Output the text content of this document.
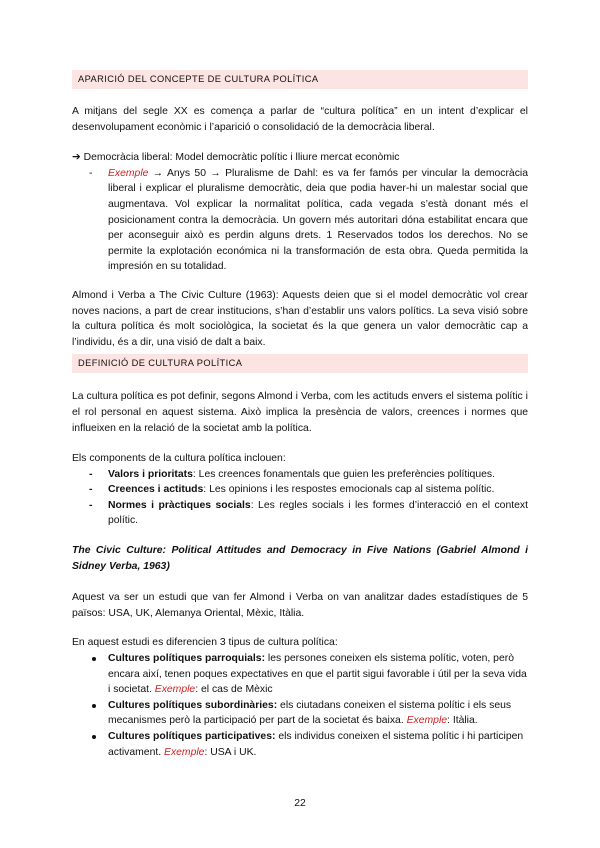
APARICIÓ DEL CONCEPTE DE CULTURA POLÍTICA

A mitjans del segle XX es comença a parlar de “cultura política” en un intent d’explicar el desenvolupament econòmic i l’aparició o consolidació de la democràcia liberal.

➔ Democràcia liberal: Model democràtic polític i lliure mercat econòmic
- Exemple → Anys 50 → Pluralisme de Dahl: es va fer famós per vincular la democràcia liberal i explicar el pluralisme democràtic, deia que podia haver-hi un malestar social que augmentava. Vol explicar la normalitat política, cada vegada s’està donant més el posicionament contra la democràcia. Un govern més autoritari dóna estabilitat encara que per aconseguir això es perdin alguns drets. 1 Reservados todos los derechos. No se permite la explotación económica ni la transformación de esta obra. Queda permitida la impresión en su totalidad.

Almond i Verba a The Civic Culture (1963): Aquests deien que si el model democràtic vol crear noves nacions, a part de crear institucions, s’han d’establir uns valors polítics. La seva visió sobre la cultura política és molt sociològica, la societat és la que genera un valor democràtic cap a l’individu, és a dir, una visió de dalt a baix.

DEFINICIÓ DE CULTURA POLÍTICA

La cultura política es pot definir, segons Almond i Verba, com les actituds envers el sistema polític i el rol personal en aquest sistema. Això implica la presència de valors, creences i normes que influeixen en la relació de la societat amb la política.

Els components de la cultura política inclouen:

- Valors i prioritats: Les creences fonamentals que guien les preferències polítiques.
- Creences i actituds: Les opinions i les respostes emocionals cap al sistema polític.
- Normes i pràctiques socials: Les regles socials i les formes d’interacció en el context polític.
The Civic Culture: Political Attitudes and Democracy in Five Nations (Gabriel Almond i Sidney Verba, 1963)

Aquest va ser un estudi que van fer Almond i Verba on van analitzar dades estadístiques de 5 països: USA, UK, Alemanya Oriental, Mèxic, Itàlia.

En aquest estudi es diferencien 3 tipus de cultura política:

Cultures polítiques parroquials: les persones coneixen els sistema polític, voten, però encara així, tenen poques expectatives en que el partit sigui favorable i útil per la seva vida i societat. Exemple: el cas de Mèxic
Cultures polítiques subordinàries: els ciutadans coneixen el sistema polític i els seus mecanismes però la participació per part de la societat és baixa. Exemple: Itàlia.
Cultures polítiques participatives: els individus coneixen el sistema polític i hi participen activament. Exemple: USA i UK.
22
